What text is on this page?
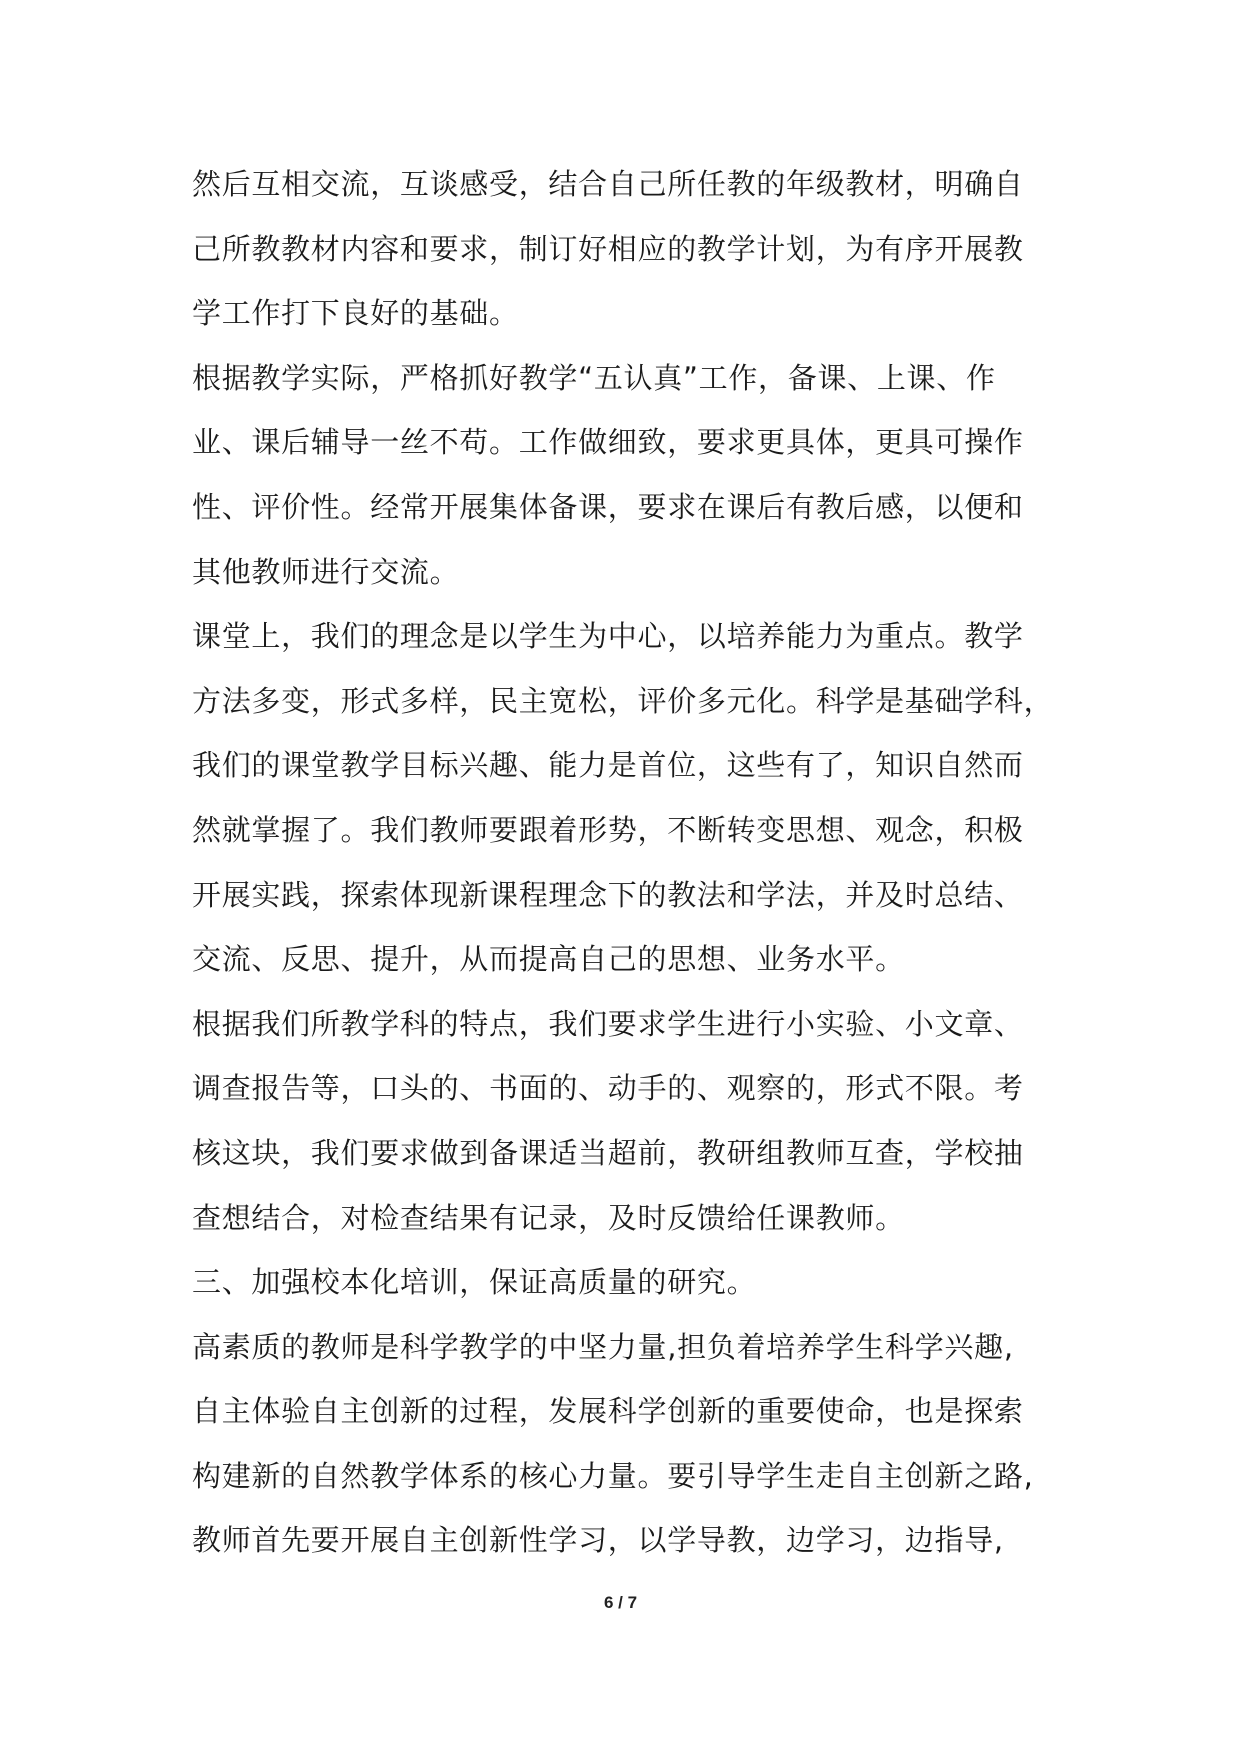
然后互相交流，互谈感受，结合自己所任教的年级教材，明确自
己所教教材内容和要求，制订好相应的教学计划，为有序开展教
学工作打下良好的基础。
根据教学实际，严格抓好教学“五认真”工作，备课、上课、作
业、课后辅导一丝不苟。工作做细致，要求更具体，更具可操作
性、评价性。经常开展集体备课，要求在课后有教后感，以便和
其他教师进行交流。
课堂上，我们的理念是以学生为中心，以培养能力为重点。教学
方法多变，形式多样，民主宽松，评价多元化。科学是基础学科，
我们的课堂教学目标兴趣、能力是首位，这些有了，知识自然而
然就掌握了。我们教师要跟着形势，不断转变思想、观念，积极
开展实践，探索体现新课程理念下的教法和学法，并及时总结、
交流、反思、提升，从而提高自己的思想、业务水平。
根据我们所教学科的特点，我们要求学生进行小实验、小文章、
调查报告等，口头的、书面的、动手的、观察的，形式不限。考
核这块，我们要求做到备课适当超前，教研组教师互查，学校抽
查想结合，对检查结果有记录，及时反馈给任课教师。
三、加强校本化培训，保证高质量的研究。
高素质的教师是科学教学的中坚力量,担负着培养学生科学兴趣,
自主体验自主创新的过程，发展科学创新的重要使命，也是探索
构建新的自然教学体系的核心力量。要引导学生走自主创新之路,
教师首先要开展自主创新性学习，以学导教，边学习，边指导,
6 / 7
